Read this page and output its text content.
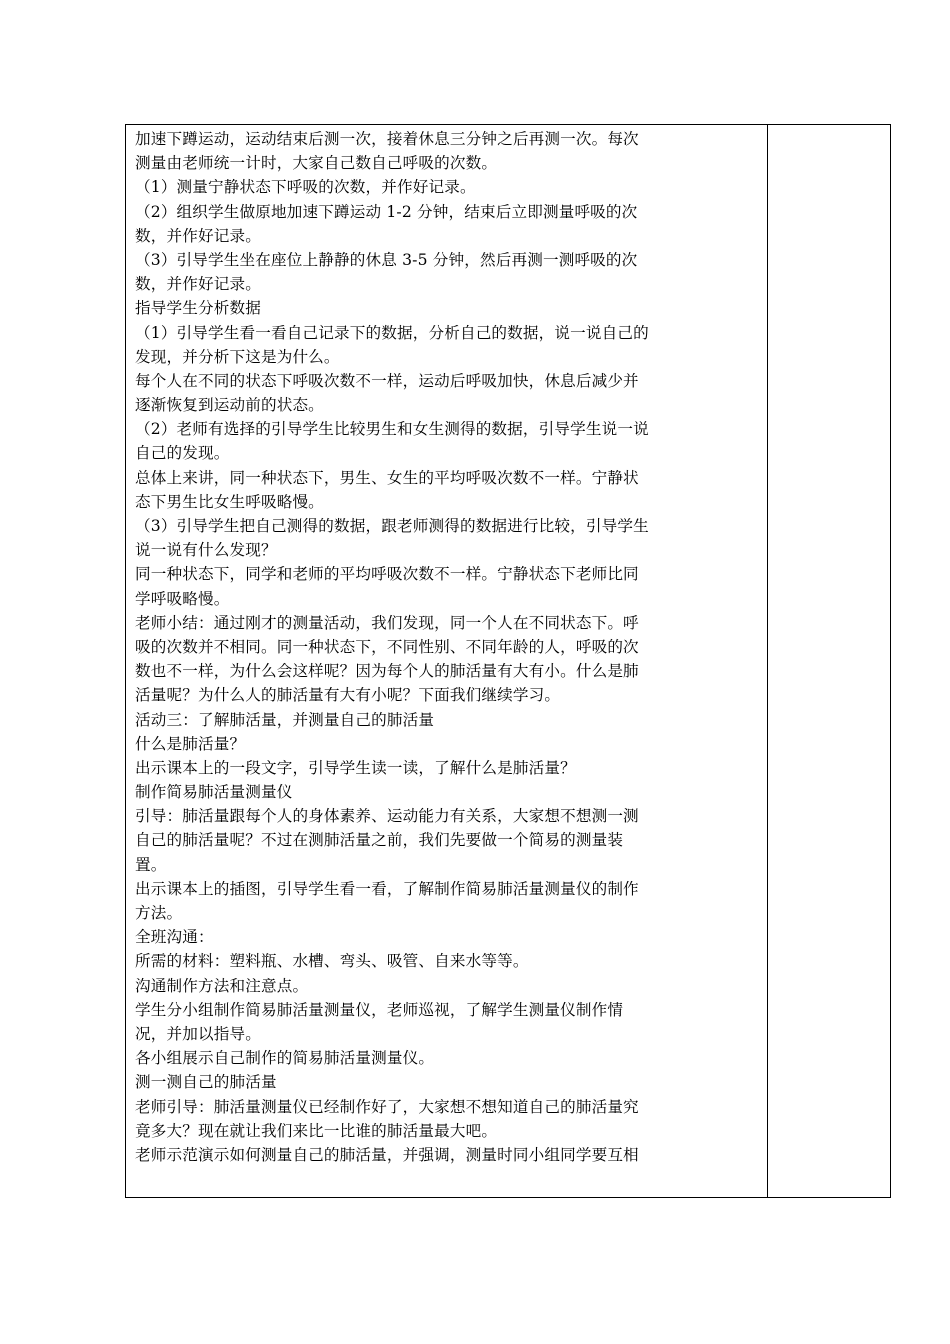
加速下蹲运动，运动结束后测一次，接着休息三分钟之后再测一次。每次
测量由老师统一计时，大家自己数自己呼吸的次数。
（1）测量宁静状态下呼吸的次数，并作好记录。
（2）组织学生做原地加速下蹲运动 1-2 分钟，结束后立即测量呼吸的次
数，并作好记录。
（3）引导学生坐在座位上静静的休息 3-5 分钟，然后再测一测呼吸的次
数，并作好记录。
指导学生分析数据
（1）引导学生看一看自己记录下的数据，分析自己的数据，说一说自己的
发现，并分析下这是为什么。
每个人在不同的状态下呼吸次数不一样，运动后呼吸加快，休息后减少并
逐渐恢复到运动前的状态。
（2）老师有选择的引导学生比较男生和女生测得的数据，引导学生说一说
自己的发现。
总体上来讲，同一种状态下，男生、女生的平均呼吸次数不一样。宁静状
态下男生比女生呼吸略慢。
（3）引导学生把自己测得的数据，跟老师测得的数据进行比较，引导学生
说一说有什么发现？
同一种状态下，同学和老师的平均呼吸次数不一样。宁静状态下老师比同
学呼吸略慢。
老师小结：通过刚才的测量活动，我们发现，同一个人在不同状态下。呼
吸的次数并不相同。同一种状态下，不同性别、不同年龄的人，呼吸的次
数也不一样，为什么会这样呢？因为每个人的肺活量有大有小。什么是肺
活量呢？为什么人的肺活量有大有小呢？下面我们继续学习。
活动三：了解肺活量，并测量自己的肺活量
什么是肺活量？
出示课本上的一段文字，引导学生读一读，了解什么是肺活量？
制作简易肺活量测量仪
引导：肺活量跟每个人的身体素养、运动能力有关系，大家想不想测一测
自己的肺活量呢？不过在测肺活量之前，我们先要做一个简易的测量装
置。
出示课本上的插图，引导学生看一看，了解制作简易肺活量测量仪的制作
方法。
全班沟通：
所需的材料：塑料瓶、水槽、弯头、吸管、自来水等等。
沟通制作方法和注意点。
学生分小组制作简易肺活量测量仪，老师巡视，了解学生测量仪制作情
况，并加以指导。
各小组展示自己制作的简易肺活量测量仪。
测一测自己的肺活量
老师引导：肺活量测量仪已经制作好了，大家想不想知道自己的肺活量究
竟多大？现在就让我们来比一比谁的肺活量最大吧。
老师示范演示如何测量自己的肺活量，并强调，测量时同小组同学要互相
